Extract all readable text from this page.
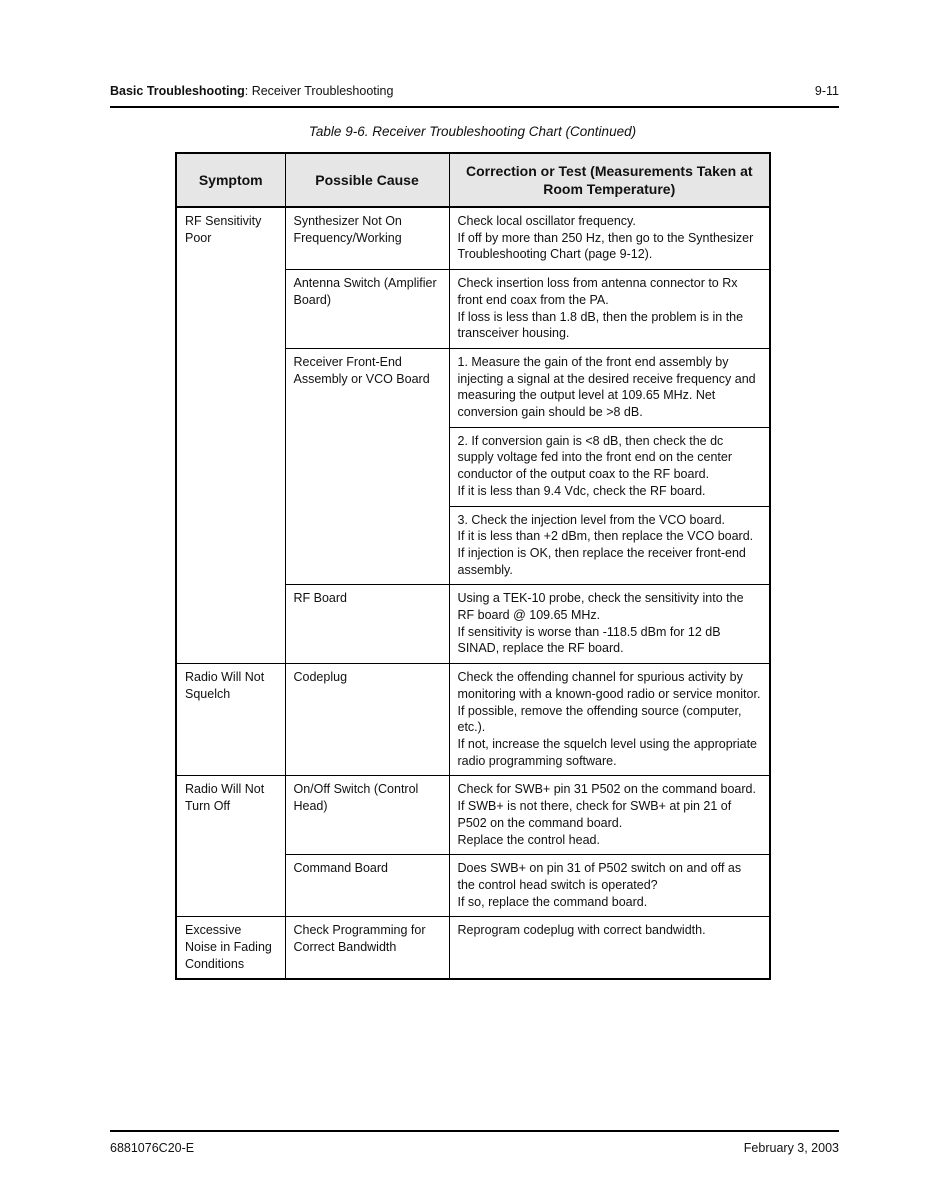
Basic Troubleshooting: Receiver Troubleshooting	9-11
Table 9-6. Receiver Troubleshooting Chart (Continued)
Symptom	Possible Cause	Correction or Test (Measurements Taken at Room Temperature)
RF Sensitivity Poor	Synthesizer Not On Frequency/Working	Check local oscillator frequency.
If off by more than 250 Hz, then go to the Synthesizer Troubleshooting Chart (page 9-12).

	Antenna Switch (Amplifier Board)	Check insertion loss from antenna connector to Rx front end coax from the PA.
If loss is less than 1.8 dB, then the problem is in the transceiver housing.

	Receiver Front-End Assembly or VCO Board	1. Measure the gain of the front end assembly by injecting a signal at the desired receive frequency and measuring the output level at 109.65 MHz. Net conversion gain should be >8 dB.

		2. If conversion gain is <8 dB, then check the dc supply voltage fed into the front end on the center conductor of the output coax to the RF board.
If it is less than 9.4 Vdc, check the RF board.

		3. Check the injection level from the VCO board.
If it is less than +2 dBm, then replace the VCO board.
If injection is OK, then replace the receiver front-end assembly.

	RF Board	Using a TEK-10 probe, check the sensitivity into the RF board @ 109.65 MHz.
If sensitivity is worse than -118.5 dBm for 12 dB SINAD, replace the RF board.

Radio Will Not Squelch	Codeplug	Check the offending channel for spurious activity by monitoring with a known-good radio or service monitor.
If possible, remove the offending source (computer, etc.).
If not, increase the squelch level using the appropriate radio programming software.

Radio Will Not Turn Off	On/Off Switch (Control Head)	Check for SWB+ pin 31 P502 on the command board.
If SWB+ is not there, check for SWB+ at pin 21 of P502 on the command board.
Replace the control head.

	Command Board	Does SWB+ on pin 31 of P502 switch on and off as the control head switch is operated?
If so, replace the command board.

Excessive Noise in Fading Conditions	Check Programming for Correct Bandwidth	Reprogram codeplug with correct bandwidth.
6881076C20-E	February 3, 2003
